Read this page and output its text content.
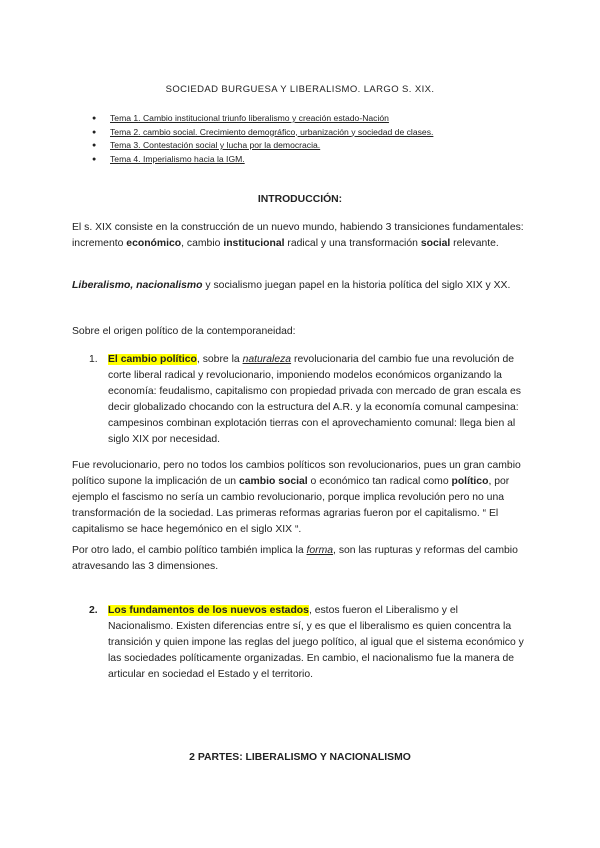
SOCIEDAD BURGUESA Y LIBERALISMO. LARGO S. XIX.
● Tema 1. Cambio institucional triunfo liberalismo y creación estado-Nación
● Tema 2. cambio social. Crecimiento demográfico, urbanización y sociedad de clases.
● Tema 3. Contestación social y lucha por la democracia.
● Tema 4. Imperialismo hacia la IGM.
INTRODUCCIÓN:

El s. XIX consiste en la construcción de un nuevo mundo, habiendo 3 transiciones fundamentales: incremento económico, cambio institucional radical y una transformación social relevante.

Liberalismo, nacionalismo y socialismo juegan papel en la historia política del siglo XIX y XX.

Sobre el origen político de la contemporaneidad:

1. El cambio político, sobre la naturaleza revolucionaria del cambio fue una revolución de corte liberal radical y revolucionario, imponiendo modelos económicos organizando la economía: feudalismo, capitalismo con propiedad privada con mercado de gran escala es decir globalizado chocando con la estructura del A.R. y la economía comunal campesina: campesinos combinan explotación tierras con el aprovechamiento comunal: llega bien al siglo XIX por necesidad.

Fue revolucionario, pero no todos los cambios políticos son revolucionarios, pues un gran cambio político supone la implicación de un cambio social o económico tan radical como político, por ejemplo el fascismo no sería un cambio revolucionario, porque implica revolución pero no una transformación de la sociedad. Las primeras reformas agrarias fueron por el capitalismo. “ El capitalismo se hace hegemónico en el siglo XIX “.

Por otro lado, el cambio político también implica la forma, son las rupturas y reformas del cambio atravesando las 3 dimensiones.

2. Los fundamentos de los nuevos estados, estos fueron el Liberalismo y el Nacionalismo. Existen diferencias entre sí, y es que el liberalismo es quien concentra la transición y quien impone las reglas del juego político, al igual que el sistema económico y las sociedades políticamente organizadas. En cambio, el nacionalismo fue la manera de articular en sociedad el Estado y el territorio.
2 PARTES: LIBERALISMO Y NACIONALISMO
